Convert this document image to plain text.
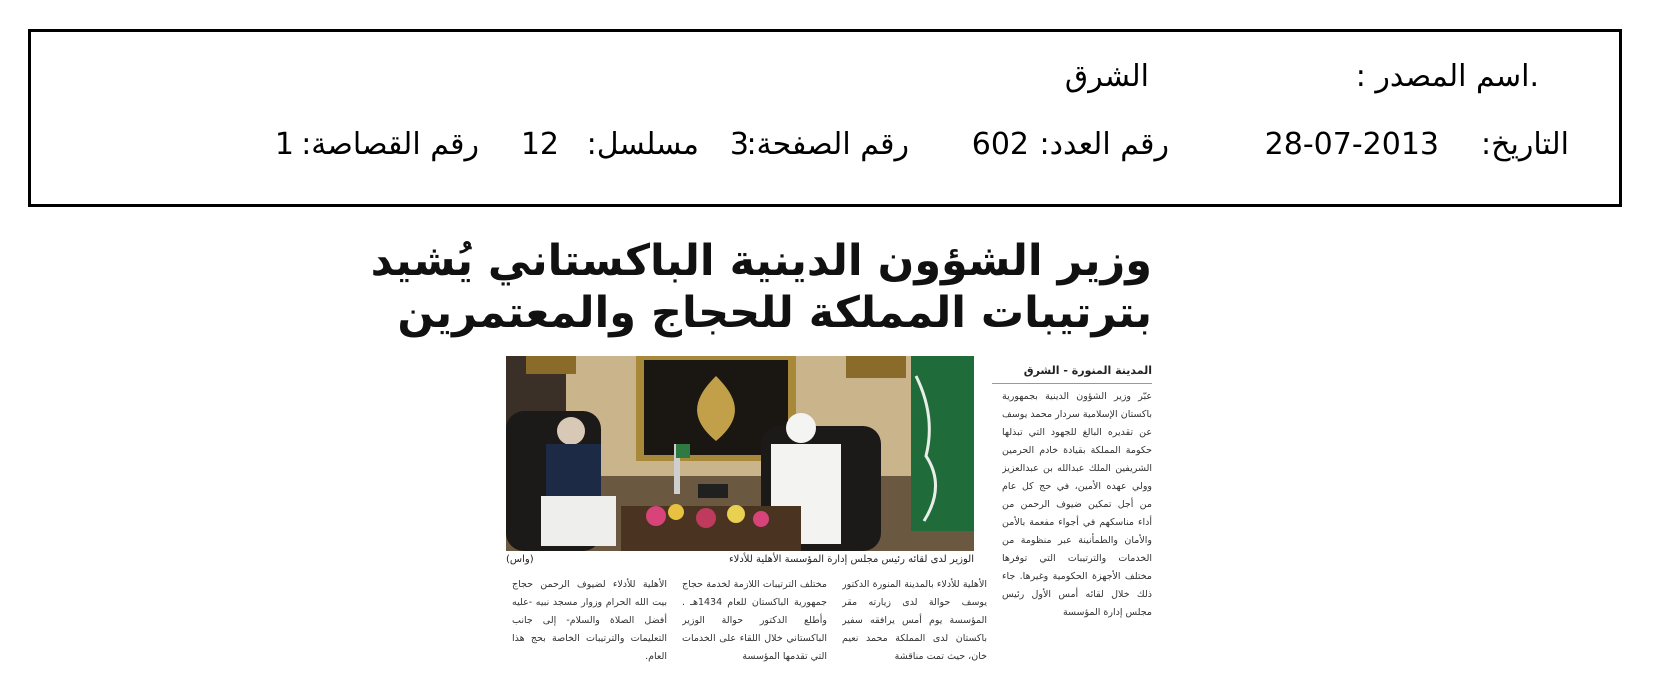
.اسم المصدر :
الشرق
التاريخ:
28-07-2013
رقم العدد:
602
رقم الصفحة:
3
مسلسل:
12
رقم القصاصة:
1
وزير الشؤون الدينية الباكستاني يُشيد
بترتيبات المملكة للحجاج والمعتمرين
المدينة المنورة - الشرق
الوزير لدى لقائه رئيس مجلس إدارة المؤسسة الأهلية للأدلاء
(واس)
عبّر وزير الشؤون الدينية بجمهورية باكستان الإسلامية سردار محمد يوسف عن تقديره البالغ للجهود التي تبذلها حكومة المملكة بقيادة خادم الحرمين الشريفين الملك عبدالله بن عبدالعزيز وولي عهده الأمين، في حج كل عام من أجل تمكين ضيوف الرحمن من أداء مناسكهم في أجواء مفعمة بالأمن والأمان والطمأنينة عبر منظومة من الخدمات والترتيبات التي توفرها مختلف الأجهزة الحكومية وغيرها. جاء ذلك خلال لقائه أمس الأول رئيس مجلس إدارة المؤسسة
الأهلية للأدلاء بالمدينة المنورة الدكتور يوسف حوالة لدى زيارته مقر المؤسسة يوم أمس يرافقه سفير باكستان لدى المملكة محمد نعيم خان، حيث تمت مناقشة
مختلف الترتيبات اللازمة لخدمة حجاج جمهورية الباكستان للعام 1434هـ . وأطلع الدكتور حوالة الوزير الباكستاني خلال اللقاء على الخدمات التي تقدمها المؤسسة
الأهلية للأدلاء لضيوف الرحمن حجاج بيت الله الحرام وزوار مسجد نبيه -عليه أفضل الصلاة والسلام- إلى جانب التعليمات والترتيبات الخاصة بحج هذا العام.
